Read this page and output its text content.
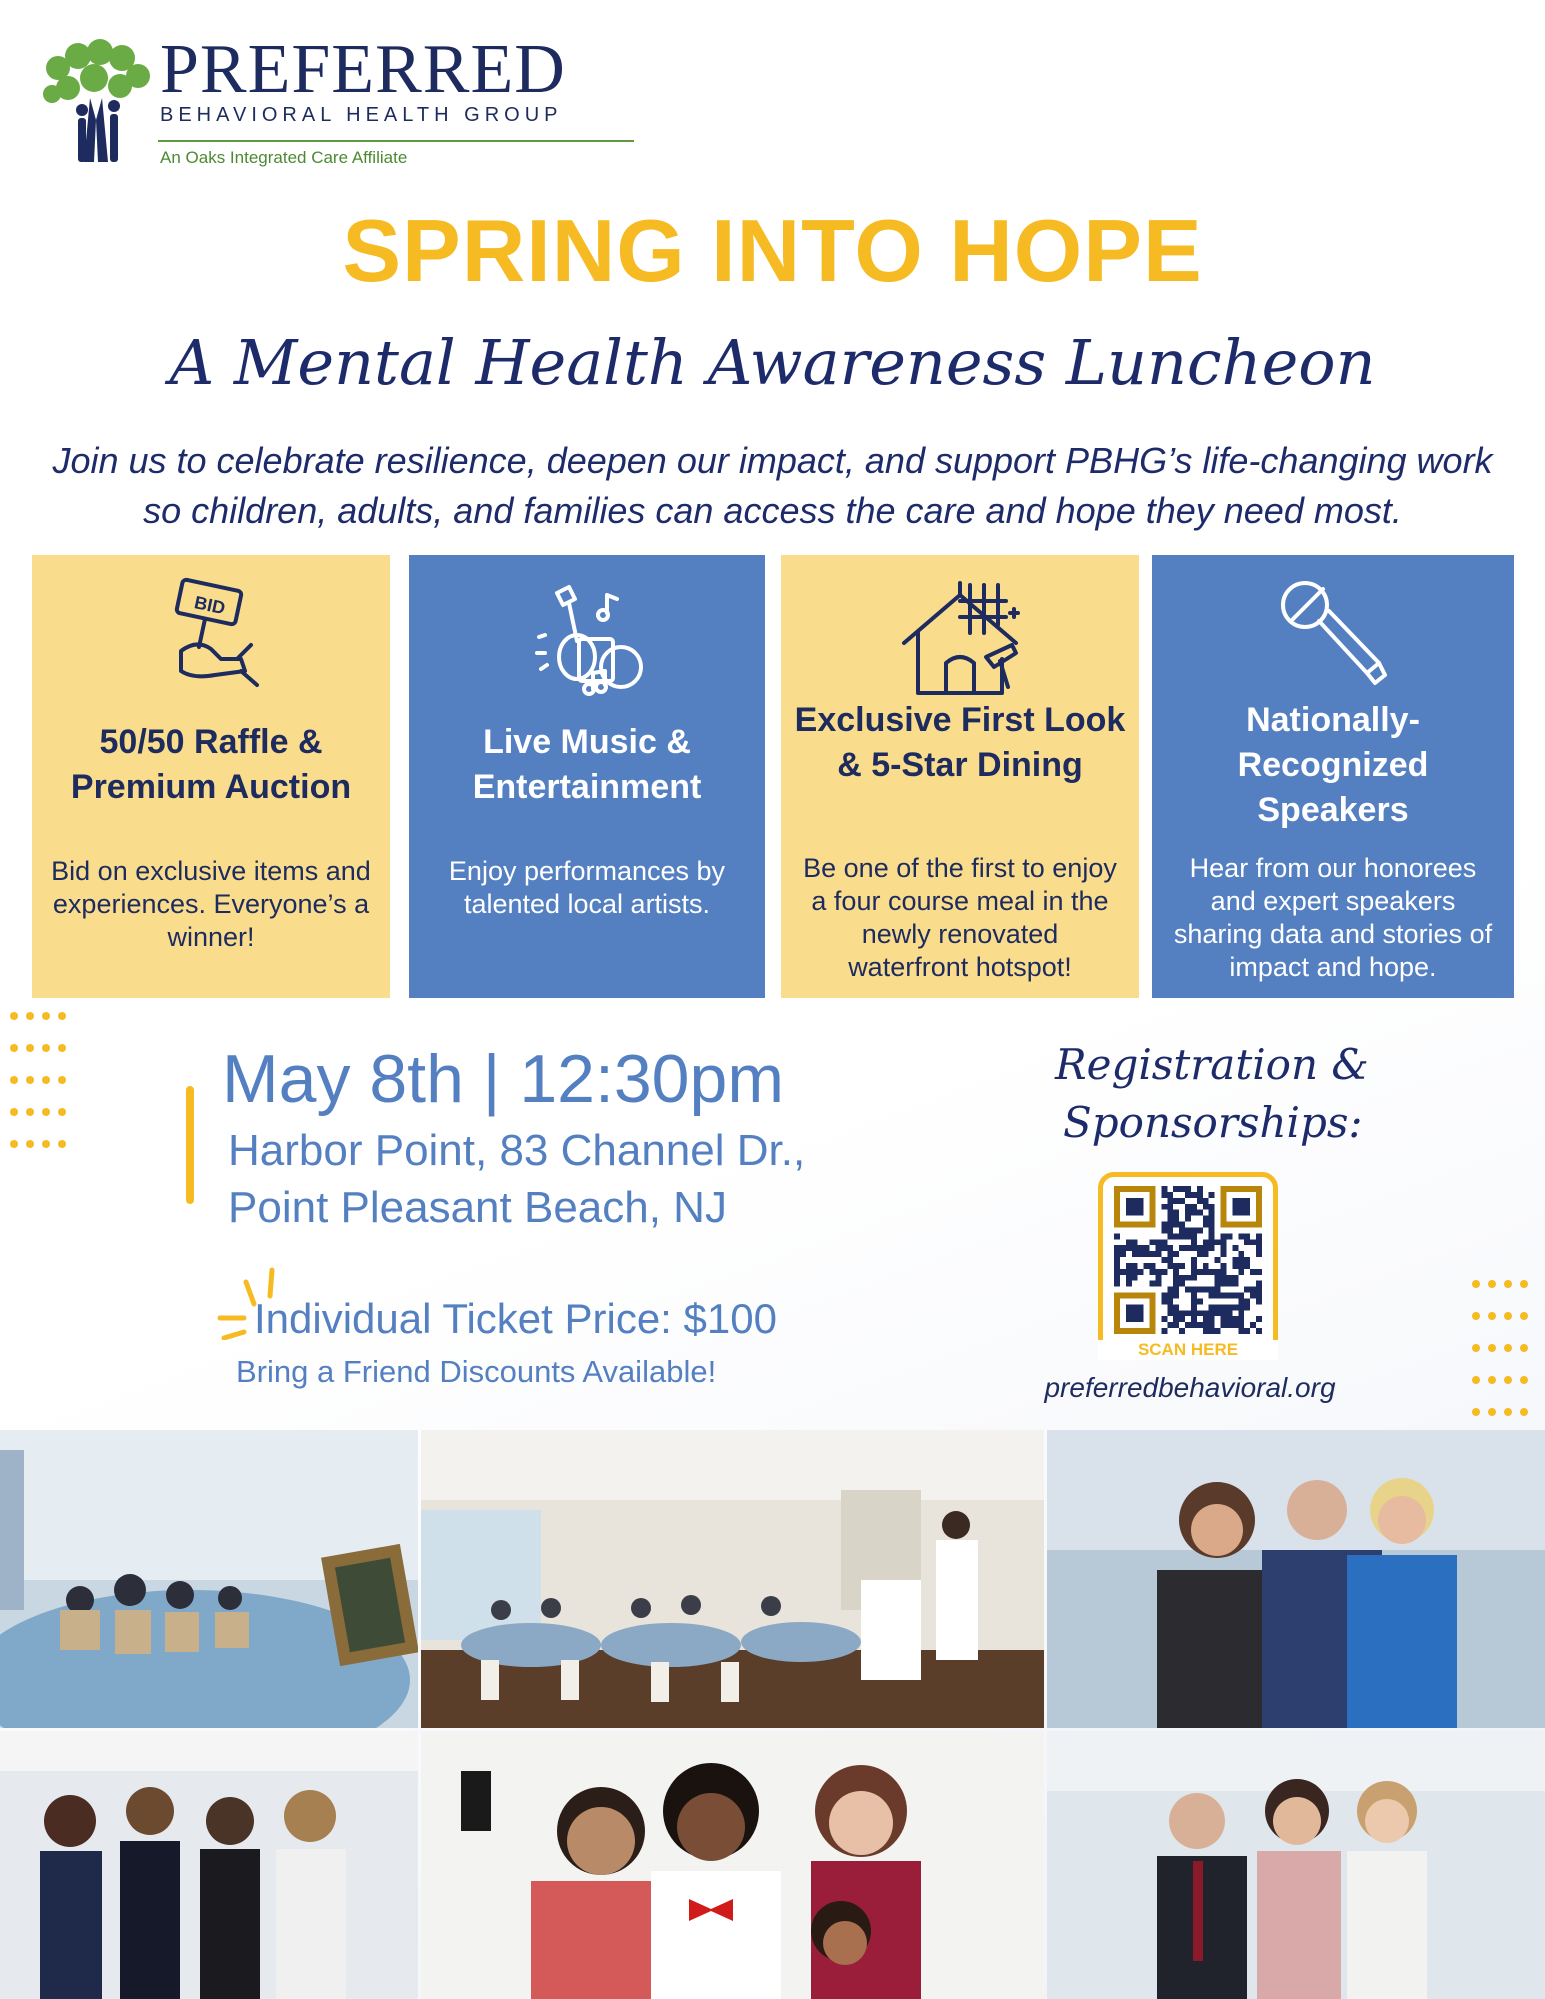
PREFERRED
BEHAVIORAL HEALTH GROUP
An Oaks Integrated Care Affiliate
SPRING INTO HOPE
A Mental Health Awareness Luncheon
Join us to celebrate resilience, deepen our impact, and support PBHG’s life-changing work so children, adults, and families can access the care and hope they need most.
BID
50/50 Raffle & Premium Auction
Bid on exclusive items and experiences. Everyone’s a winner!
Live Music & Entertainment
Enjoy performances by talented local artists.
Exclusive First Look & 5-Star Dining
Be one of the first to enjoy a four course meal in the newly renovated waterfront hotspot!
Nationally-Recognized Speakers
Hear from our honorees and expert speakers sharing data and stories of impact and hope.
May 8th | 12:30pm
Harbor Point, 83 Channel Dr.,
Point Pleasant Beach, NJ
Individual Ticket Price: $100
Bring a Friend Discounts Available!
Registration &
Sponsorships:
SCAN HERE
preferredbehavioral.org
